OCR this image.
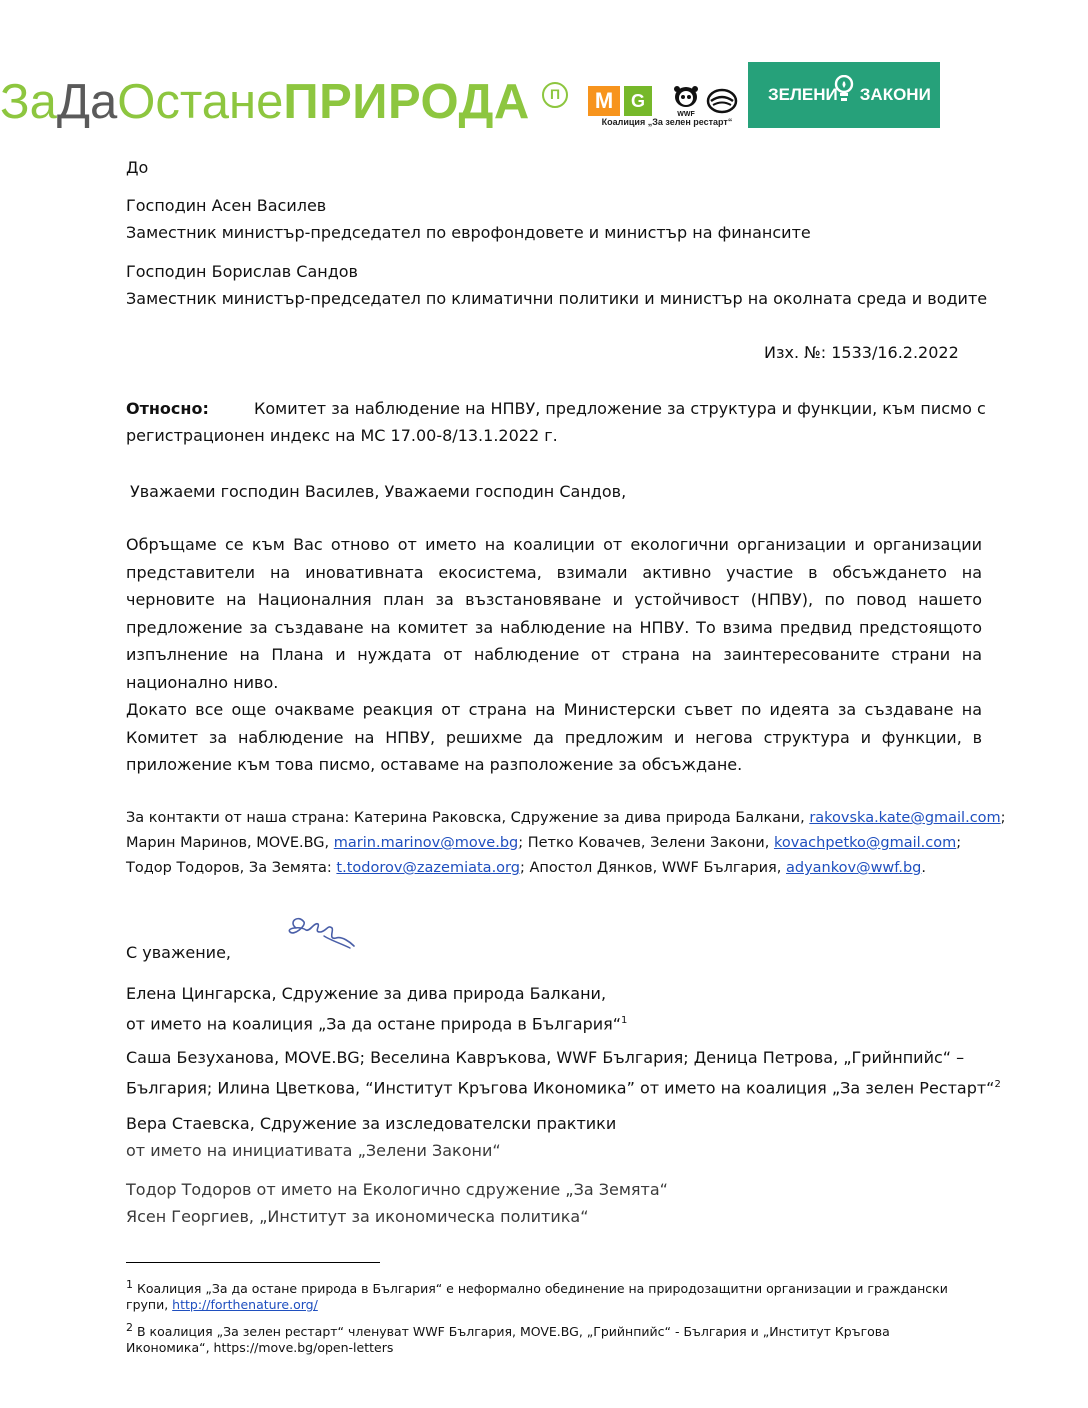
ЗаДаОстанеПРИРОДА	П	M G
WWF
Коалиция „За зелен рестарт“
ЗЕЛЕНИ ЗАКОНИ
До
Господин Асен Василев
Заместник министър-председател по еврофондовете и министър на финансите
Господин Борислав Сандов
Заместник министър-председател по климатични политики и министър на околната среда и водите
Изх. №: 1533/16.2.2022
Относно:	Комитет за наблюдение на НПВУ, предложение за структура и функции, към писмо с
регистрационен индекс на МС 17.00-8/13.1.2022 г.
Уважаеми господин Василев, Уважаеми господин Сандов,
Обръщаме се към Вас отново от името на коалиции от екологични организации и организации представители на иновативната екосистема, взимали активно участие в обсъждането на черновите на Националния план за възстановяване и устойчивост (НПВУ), по повод нашето предложение за създаване на комитет за наблюдение на НПВУ. То взима предвид предстоящото изпълнение на Плана и нуждата от наблюдение от страна на заинтересованите страни на национално ниво.
Докато все още очакваме реакция от страна на Министерски съвет по идеята за създаване на Комитет за наблюдение на НПВУ, решихме да предложим и негова структура и функции, в приложение към това писмо, оставаме на разположение за обсъждане.
За контакти от наша страна: Катерина Раковска, Сдружение за дива природа Балкани, rakovska.kate@gmail.com;
Марин Маринов, MOVE.BG, marin.marinov@move.bg; Петко Ковачев, Зелени Закони, kovachpetko@gmail.com;
Тодор Тодоров, За Земята: t.todorov@zazemiata.org; Апостол Дянков, WWF България, adyankov@wwf.bg.
С уважение,
Елена Цингарска, Сдружение за дива природа Балкани,
от името на коалиция „За да остане природа в България“$^1$
Саша Безуханова, MOVE.BG; Веселина Кавръкова, WWF България; Деница Петрова, „Грийнпийс“ –
България; Илина Цветкова, “Институт Кръгова Икономика” от името на коалиция „За зелен Рестарт“$^2$
Вера Стаевска, Сдружение за изследователски практики
от името на инициативата „Зелени Закони“
Тодор Тодоров от името на Екологично сдружение „За Земята“
Ясен Георгиев, „Институт за икономическа политика“
$^1$ Коалиция „За да остане природа в България“ е неформално обединение на природозащитни организации и граждански
групи, http://forthenature.org/
$^2$ В коалиция „За зелен рестарт“ членуват WWF България, MOVE.BG, „Грийнпийс“ - България и „Институт Кръгова
Икономика“, https://move.bg/open-letters
